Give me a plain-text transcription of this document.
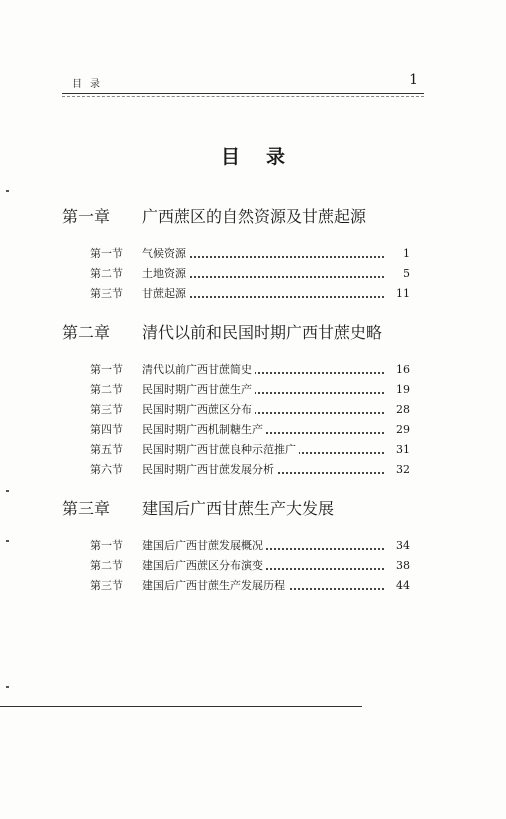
目录	1
目录
第一章 广西蔗区的自然资源及甘蔗起源
第一节	气候资源	1
第二节	土地资源	5
第三节	甘蔗起源	11
第二章 清代以前和民国时期广西甘蔗史略
第一节	清代以前广西甘蔗简史	16
第二节	民国时期广西甘蔗生产	19
第三节	民国时期广西蔗区分布	28
第四节	民国时期广西机制糖生产	29
第五节	民国时期广西甘蔗良种示范推广	31
第六节	民国时期广西甘蔗发展分析	32
第三章 建国后广西甘蔗生产大发展
第一节	建国后广西甘蔗发展概况	34
第二节	建国后广西蔗区分布演变	38
第三节	建国后广西甘蔗生产发展历程	44
